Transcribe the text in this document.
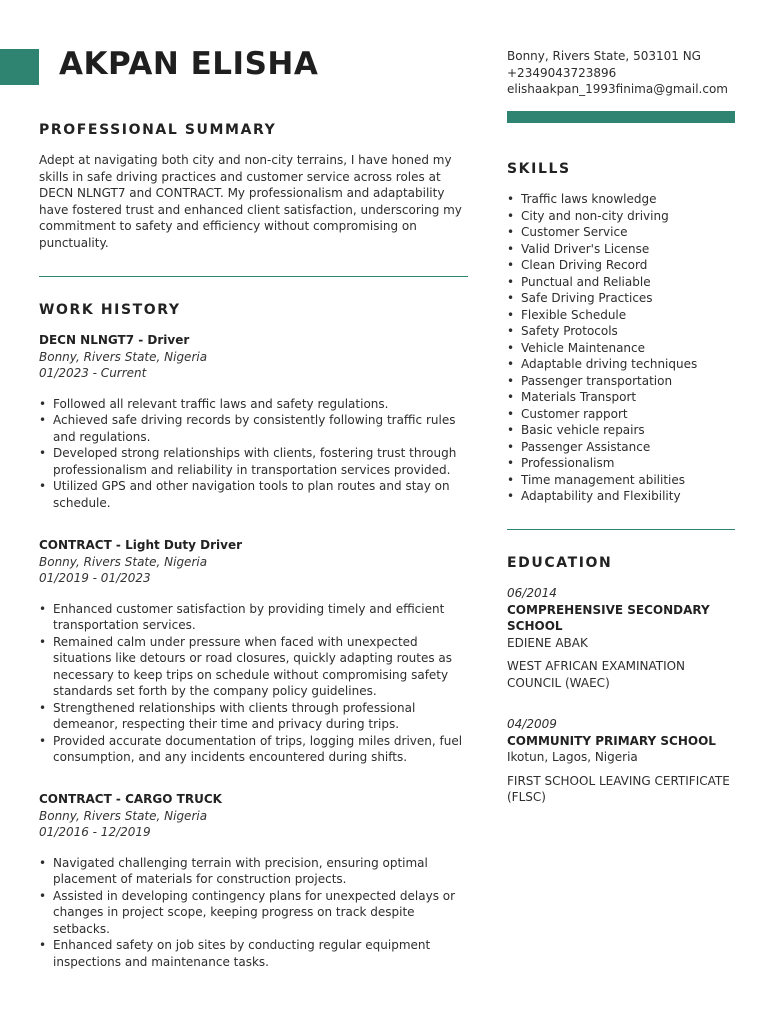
AKPAN ELISHA	Bonny, Rivers State, 503101 NG
+2349043723896
elishaakpan_1993finima@gmail.com
PROFESSIONAL SUMMARY
Adept at navigating both city and non-city terrains, I have honed my skills in safe driving practices and customer service across roles at DECN NLNGT7 and CONTRACT. My professionalism and adaptability have fostered trust and enhanced client satisfaction, underscoring my commitment to safety and efficiency without compromising on punctuality.
WORK HISTORY
DECN NLNGT7 - Driver
Bonny, Rivers State, Nigeria
01/2023 - Current
• Followed all relevant traffic laws and safety regulations.
• Achieved safe driving records by consistently following traffic rules and regulations.
• Developed strong relationships with clients, fostering trust through professionalism and reliability in transportation services provided.
• Utilized GPS and other navigation tools to plan routes and stay on schedule.
CONTRACT - Light Duty Driver
Bonny, Rivers State, Nigeria
01/2019 - 01/2023
• Enhanced customer satisfaction by providing timely and efficient transportation services.
• Remained calm under pressure when faced with unexpected situations like detours or road closures, quickly adapting routes as necessary to keep trips on schedule without compromising safety standards set forth by the company policy guidelines.
• Strengthened relationships with clients through professional demeanor, respecting their time and privacy during trips.
• Provided accurate documentation of trips, logging miles driven, fuel consumption, and any incidents encountered during shifts.
CONTRACT - CARGO TRUCK
Bonny, Rivers State, Nigeria
01/2016 - 12/2019
• Navigated challenging terrain with precision, ensuring optimal placement of materials for construction projects.
• Assisted in developing contingency plans for unexpected delays or changes in project scope, keeping progress on track despite setbacks.
• Enhanced safety on job sites by conducting regular equipment inspections and maintenance tasks.
SKILLS
• Traffic laws knowledge
• City and non-city driving
• Customer Service
• Valid Driver's License
• Clean Driving Record
• Punctual and Reliable
• Safe Driving Practices
• Flexible Schedule
• Safety Protocols
• Vehicle Maintenance
• Adaptable driving techniques
• Passenger transportation
• Materials Transport
• Customer rapport
• Basic vehicle repairs
• Passenger Assistance
• Professionalism
• Time management abilities
• Adaptability and Flexibility
EDUCATION
06/2014
COMPREHENSIVE SECONDARY SCHOOL
EDIENE ABAK
WEST AFRICAN EXAMINATION COUNCIL (WAEC)
04/2009
COMMUNITY PRIMARY SCHOOL
Ikotun, Lagos, Nigeria
FIRST SCHOOL LEAVING CERTIFICATE (FLSC)
